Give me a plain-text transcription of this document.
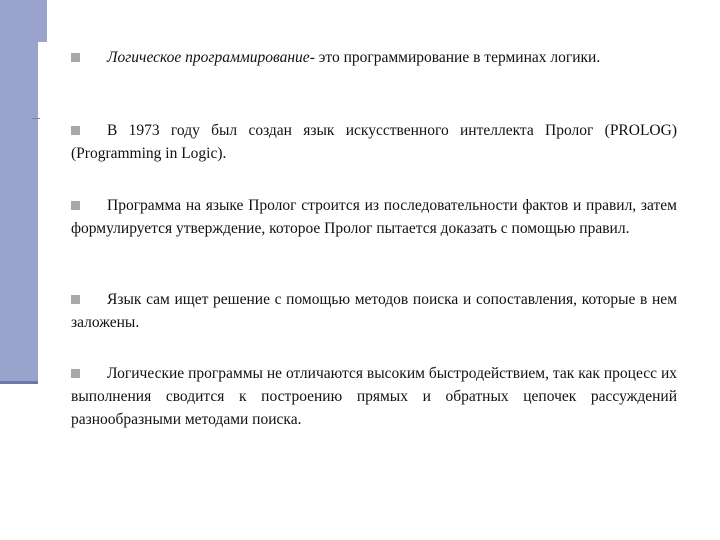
Логическое программирование- это программирование в терминах логики.
В 1973 году был создан язык искусственного интеллекта Пролог (PROLOG) (Programming in Logic).
Программа на языке Пролог строится из последовательности фактов и правил, затем формулируется утверждение, которое Пролог пытается доказать с помощью правил.
Язык сам ищет решение с помощью методов поиска и сопоставления, которые в нем заложены.
Логические программы не отличаются высоким быстродействием, так как процесс их выполнения сводится к построению прямых и обратных цепочек рассуждений разнообразными методами поиска.
